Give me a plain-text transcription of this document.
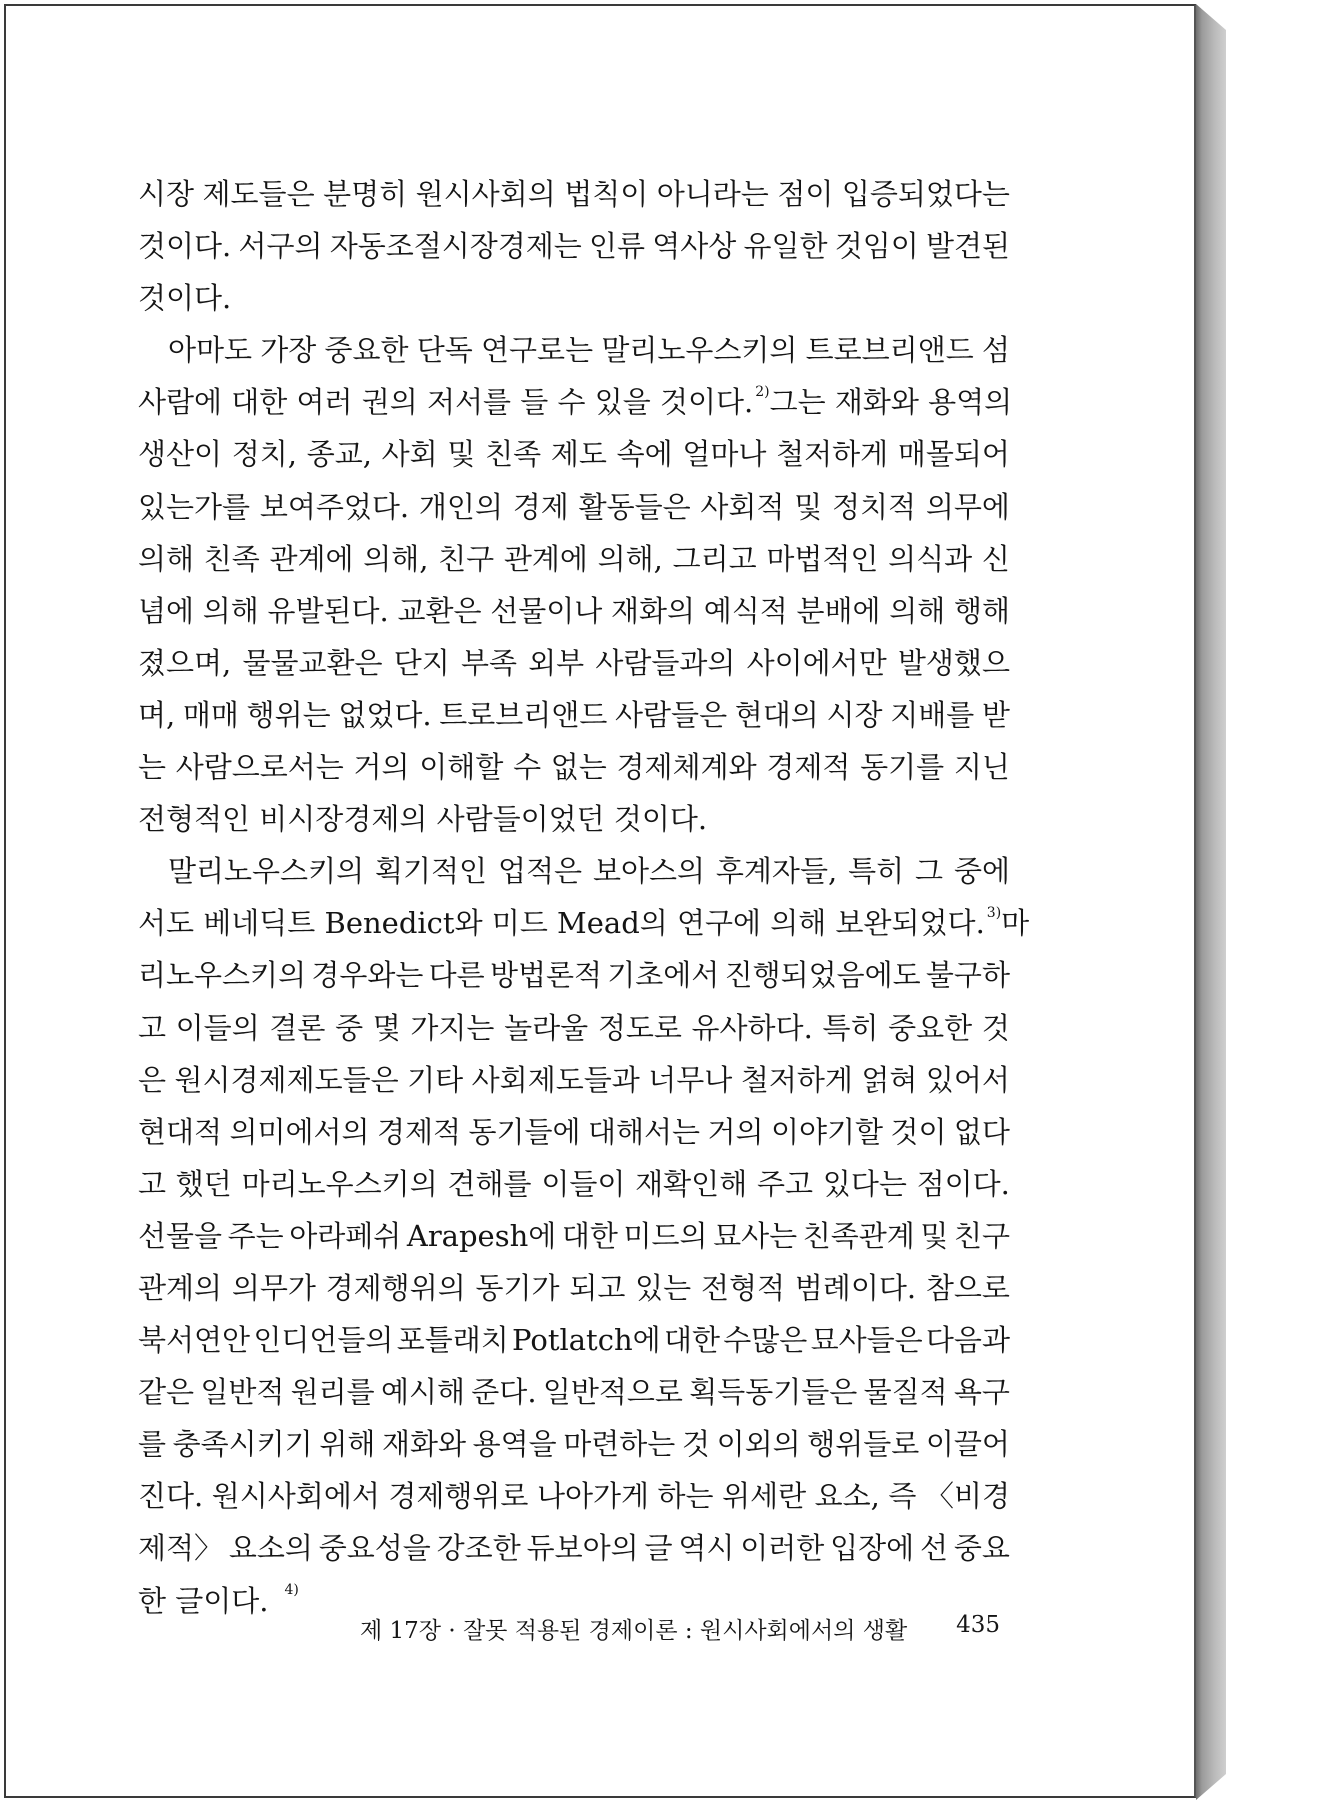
시장 제도들은 분명히 원시사회의 법칙이 아니라는 점이 입증되었다는
것이다. 서구의 자동조절시장경제는 인류 역사상 유일한 것임이 발견된
것이다.
아마도 가장 중요한 단독 연구로는 말리노우스키의 트로브리앤드 섬
사람에 대한 여러 권의 저서를 들 수 있을 것이다. 2) 그는 재화와 용역의
생산이 정치, 종교, 사회 및 친족 제도 속에 얼마나 철저하게 매몰되어
있는가를 보여주었다. 개인의 경제 활동들은 사회적 및 정치적 의무에
의해 친족 관계에 의해, 친구 관계에 의해, 그리고 마법적인 의식과 신
념에 의해 유발된다. 교환은 선물이나 재화의 예식적 분배에 의해 행해
졌으며, 물물교환은 단지 부족 외부 사람들과의 사이에서만 발생했으
며, 매매 행위는 없었다. 트로브리앤드 사람들은 현대의 시장 지배를 받
는 사람으로서는 거의 이해할 수 없는 경제체계와 경제적 동기를 지닌
전형적인 비시장경제의 사람들이었던 것이다.
말리노우스키의 획기적인 업적은 보아스의 후계자들, 특히 그 중에
서도 베네딕트 Benedict와 미드 Mead의 연구에 의해 보완되었다. 3) 마
리노우스키의 경우와는 다른 방법론적 기초에서 진행되었음에도 불구하
고 이들의 결론 중 몇 가지는 놀라울 정도로 유사하다. 특히 중요한 것
은 원시경제제도들은 기타 사회제도들과 너무나 철저하게 얽혀 있어서
현대적 의미에서의 경제적 동기들에 대해서는 거의 이야기할 것이 없다
고 했던 마리노우스키의 견해를 이들이 재확인해 주고 있다는 점이다.
선물을 주는 아라페쉬 Arapesh에 대한 미드의 묘사는 친족관계 및 친구
관계의 의무가 경제행위의 동기가 되고 있는 전형적 범례이다. 참으로
북서연안 인디언들의 포틀래치 Potlatch에 대한 수많은 묘사들은 다음과
같은 일반적 원리를 예시해 준다. 일반적으로 획득동기들은 물질적 욕구
를 충족시키기 위해 재화와 용역을 마련하는 것 이외의 행위들로 이끌어
진다. 원시사회에서 경제행위로 나아가게 하는 위세란 요소, 즉 〈비경
제적〉 요소의 중요성을 강조한 듀보아의 글 역시 이러한 입장에 선 중요
한 글이다. 4)
제 17장 · 잘못 적용된 경제이론 : 원시사회에서의 생활 435
